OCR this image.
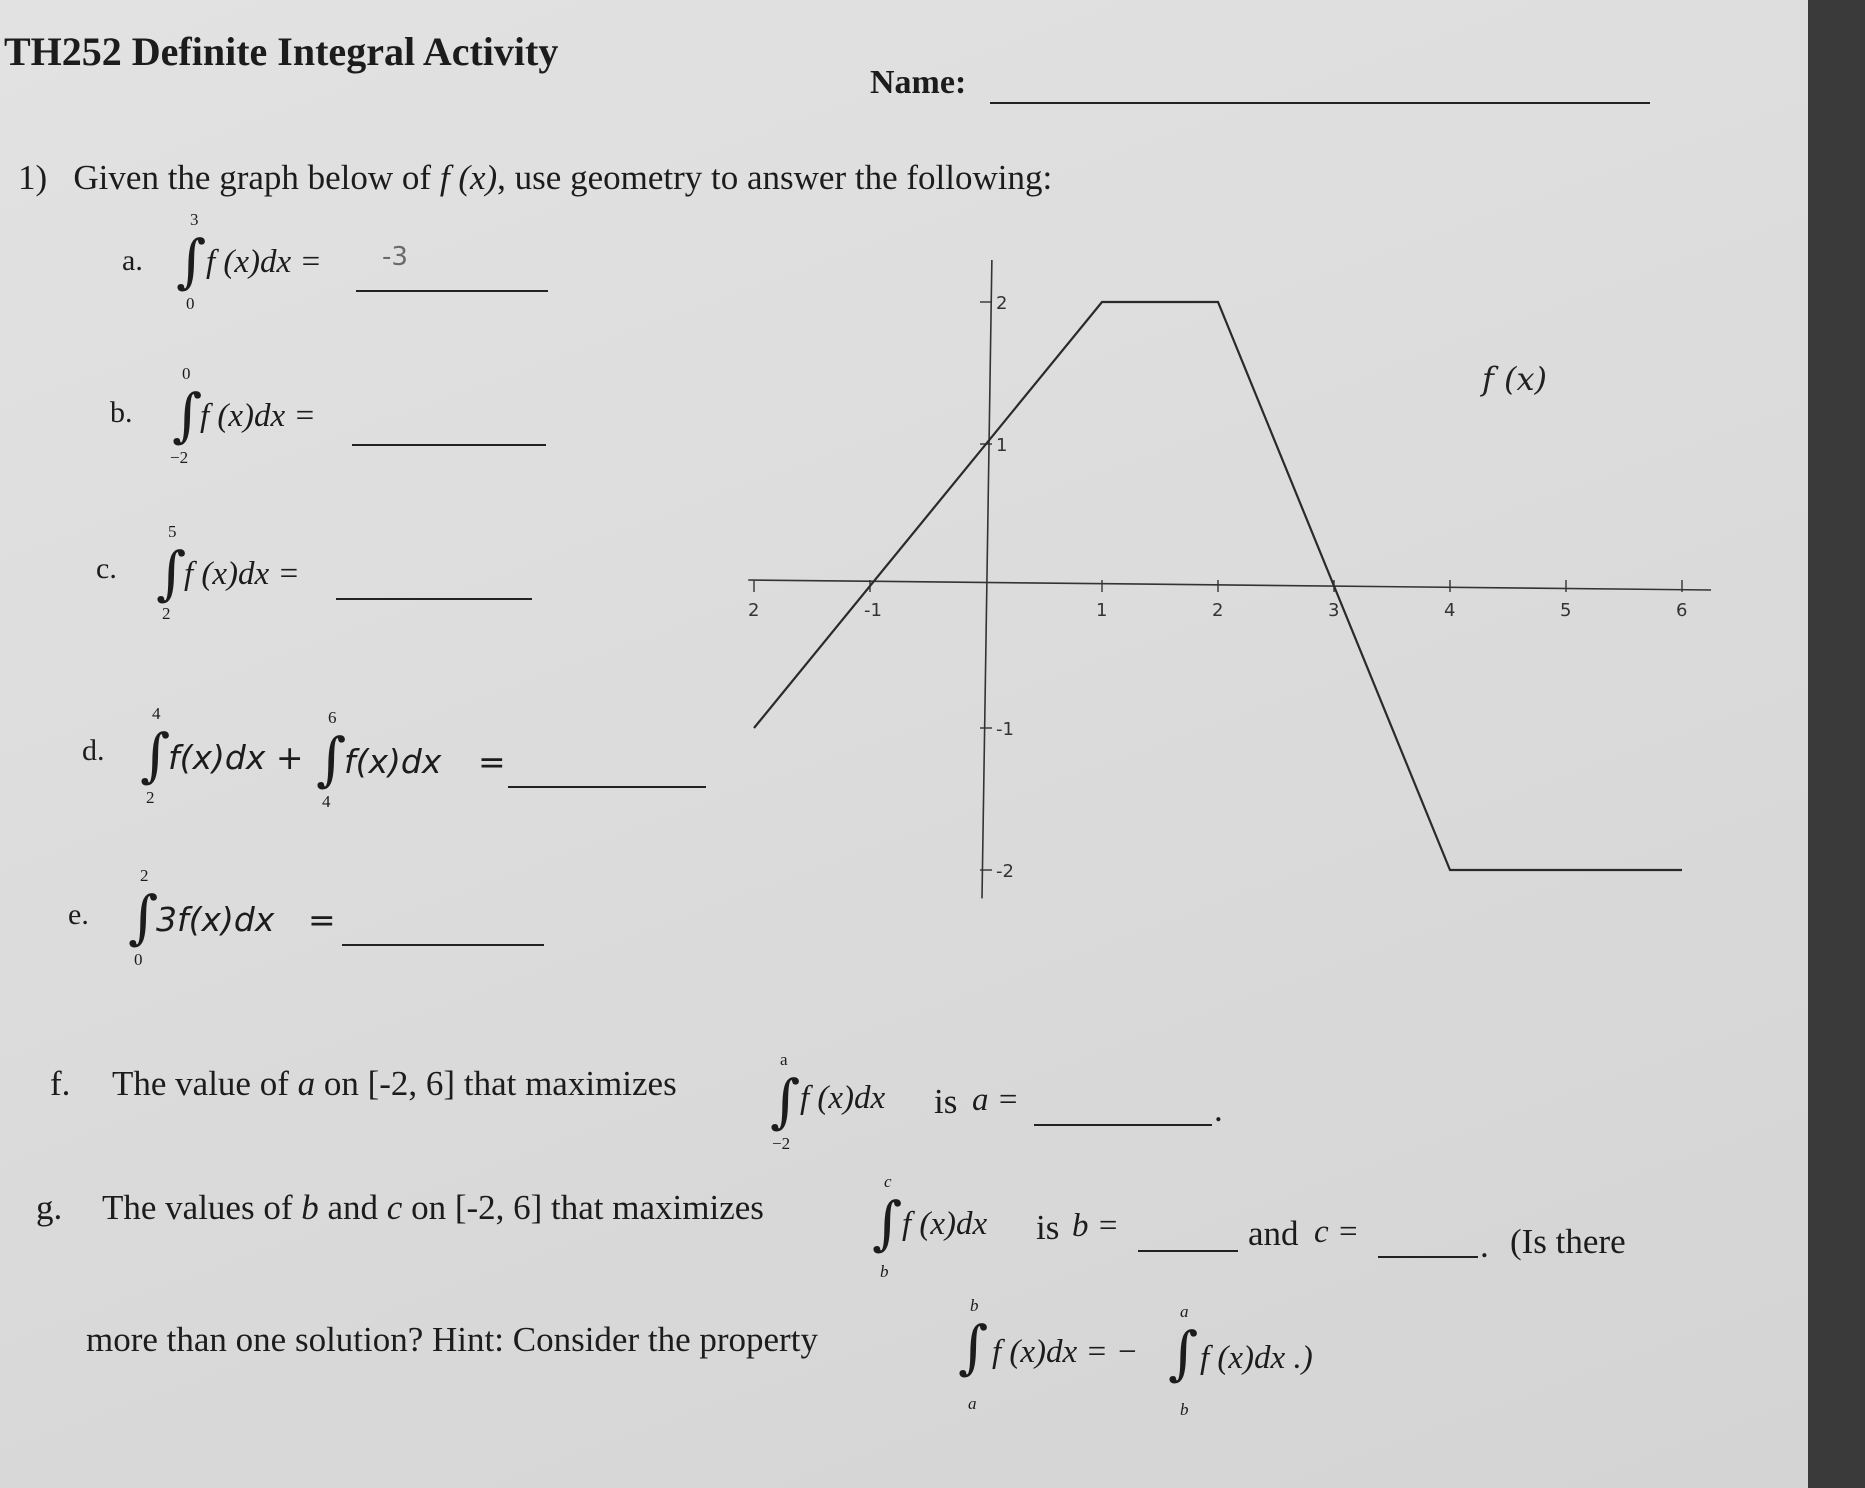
TH252 Definite Integral Activity
Name:
1) Given the graph below of f (x), use geometry to answer the following:
a.
3
∫
0
f (x)dx = -3
b.
0
∫
−2
f (x)dx =
c.
5
∫
2
f (x)dx =
d.
4
∫
2
f(x)dx +
6
∫
4
f(x)dx =
e.
2
∫
0
3f(x)dx =
2	-1	1	2	3	4	5	6
2
1
-1
-2
f (x)
f. The value of a on [-2, 6] that maximizes
a
∫
−2
f (x)dx is a =	.
g. The values of b and c on [-2, 6] that maximizes
c
∫
b
f (x)dx is b =	and c =	. (Is there
more than one solution? Hint: Consider the property
b
∫
a
f (x)dx = −
a
∫
b
f (x)dx .)
